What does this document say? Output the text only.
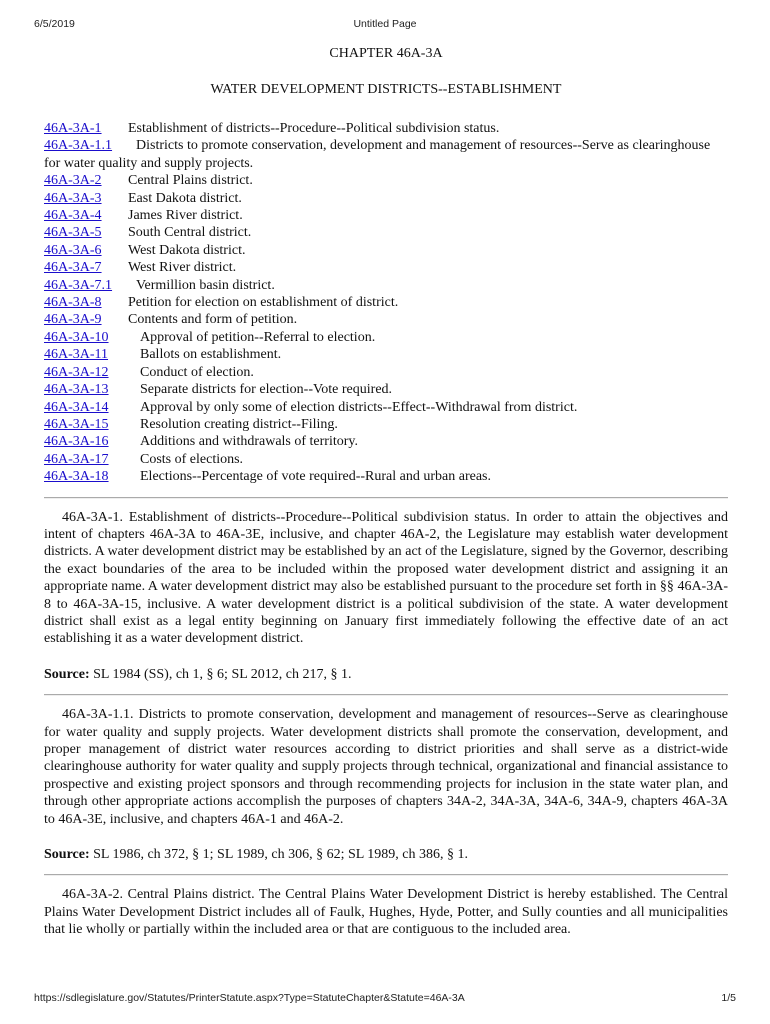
6/5/2019	Untitled Page
CHAPTER 46A-3A
WATER DEVELOPMENT DISTRICTS--ESTABLISHMENT
46A-3A-1 Establishment of districts--Procedure--Political subdivision status.
46A-3A-1.1 Districts to promote conservation, development and management of resources--Serve as clearinghouse for water quality and supply projects.
46A-3A-2 Central Plains district.
46A-3A-3 East Dakota district.
46A-3A-4 James River district.
46A-3A-5 South Central district.
46A-3A-6 West Dakota district.
46A-3A-7 West River district.
46A-3A-7.1 Vermillion basin district.
46A-3A-8 Petition for election on establishment of district.
46A-3A-9 Contents and form of petition.
46A-3A-10 Approval of petition--Referral to election.
46A-3A-11 Ballots on establishment.
46A-3A-12 Conduct of election.
46A-3A-13 Separate districts for election--Vote required.
46A-3A-14 Approval by only some of election districts--Effect--Withdrawal from district.
46A-3A-15 Resolution creating district--Filing.
46A-3A-16 Additions and withdrawals of territory.
46A-3A-17 Costs of elections.
46A-3A-18 Elections--Percentage of vote required--Rural and urban areas.

46A-3A-1. Establishment of districts--Procedure--Political subdivision status. In order to attain the objectives and intent of chapters 46A-3A to 46A-3E, inclusive, and chapter 46A-2, the Legislature may establish water development districts. A water development district may be established by an act of the Legislature, signed by the Governor, describing the exact boundaries of the area to be included within the proposed water development district and assigning it an appropriate name. A water development district may also be established pursuant to the procedure set forth in §§ 46A-3A-8 to 46A-3A-15, inclusive. A water development district is a political subdivision of the state. A water development district shall exist as a legal entity beginning on January first immediately following the effective date of an act establishing it as a water development district.

Source: SL 1984 (SS), ch 1, § 6; SL 2012, ch 217, § 1.

46A-3A-1.1. Districts to promote conservation, development and management of resources--Serve as clearinghouse for water quality and supply projects. Water development districts shall promote the conservation, development, and proper management of district water resources according to district priorities and shall serve as a district-wide clearinghouse authority for water quality and supply projects through technical, organizational and financial assistance to prospective and existing project sponsors and through recommending projects for inclusion in the state water plan, and through other appropriate actions accomplish the purposes of chapters 34A-2, 34A-3A, 34A-6, 34A-9, chapters 46A-3A to 46A-3E, inclusive, and chapters 46A-1 and 46A-2.

Source: SL 1986, ch 372, § 1; SL 1989, ch 306, § 62; SL 1989, ch 386, § 1.

46A-3A-2. Central Plains district. The Central Plains Water Development District is hereby established. The Central Plains Water Development District includes all of Faulk, Hughes, Hyde, Potter, and Sully counties and all municipalities that lie wholly or partially within the included area or that are contiguous to the included area.

https://sdlegislature.gov/Statutes/PrinterStatute.aspx?Type=StatuteChapter&Statute=46A-3A	1/5
